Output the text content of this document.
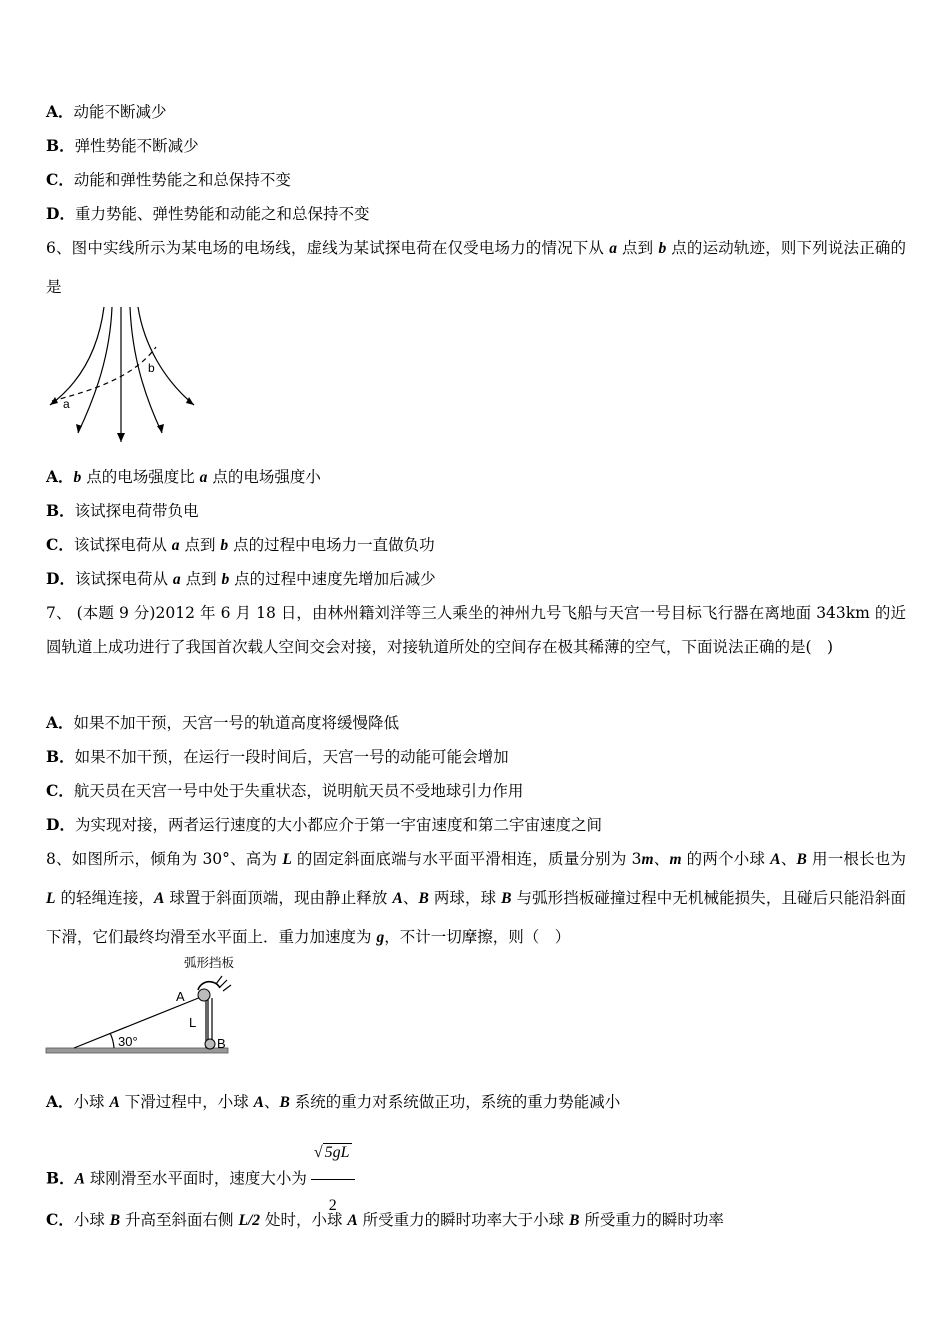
A．动能不断减少
B．弹性势能不断减少
C．动能和弹性势能之和总保持不变
D．重力势能、弹性势能和动能之和总保持不变
6、图中实线所示为某电场的电场线，虚线为某试探电荷在仅受电场力的情况下从 a 点到 b 点的运动轨迹，则下列说法正确的是
a
b
A．b 点的电场强度比 a 点的电场强度小
B．该试探电荷带负电
C．该试探电荷从 a 点到 b 点的过程中电场力一直做负功
D．该试探电荷从 a 点到 b 点的过程中速度先增加后减少
7、 (本题 9 分)2012 年 6 月 18 日，由林州籍刘洋等三人乘坐的神州九号飞船与天宫一号目标飞行器在离地面 343km 的近圆轨道上成功进行了我国首次载人空间交会对接，对接轨道所处的空间存在极其稀薄的空气，下面说法正确的是(　)
A．如果不加干预，天宫一号的轨道高度将缓慢降低
B．如果不加干预，在运行一段时间后，天宫一号的动能可能会增加
C．航天员在天宫一号中处于失重状态，说明航天员不受地球引力作用
D．为实现对接，两者运行速度的大小都应介于第一宇宙速度和第二宇宙速度之间
8、如图所示，倾角为 30°、高为 L 的固定斜面底端与水平面平滑相连，质量分别为 3m、m 的两个小球 A、B 用一根长也为 L 的轻绳连接，A 球置于斜面顶端，现由静止释放 A、B 两球，球 B 与弧形挡板碰撞过程中无机械能损失，且碰后只能沿斜面下滑，它们最终均滑至水平面上．重力加速度为 g，不计一切摩擦，则（　）
弧形挡板
A
L
B
30°
A．小球 A 下滑过程中，小球 A、B 系统的重力对系统做正功，系统的重力势能减小
B．A 球刚滑至水平面时，速度大小为 $\frac{√ 5gL}{2}$
C．小球 B 升高至斜面右侧 L/2 处时，小球 A 所受重力的瞬时功率大于小球 B 所受重力的瞬时功率
